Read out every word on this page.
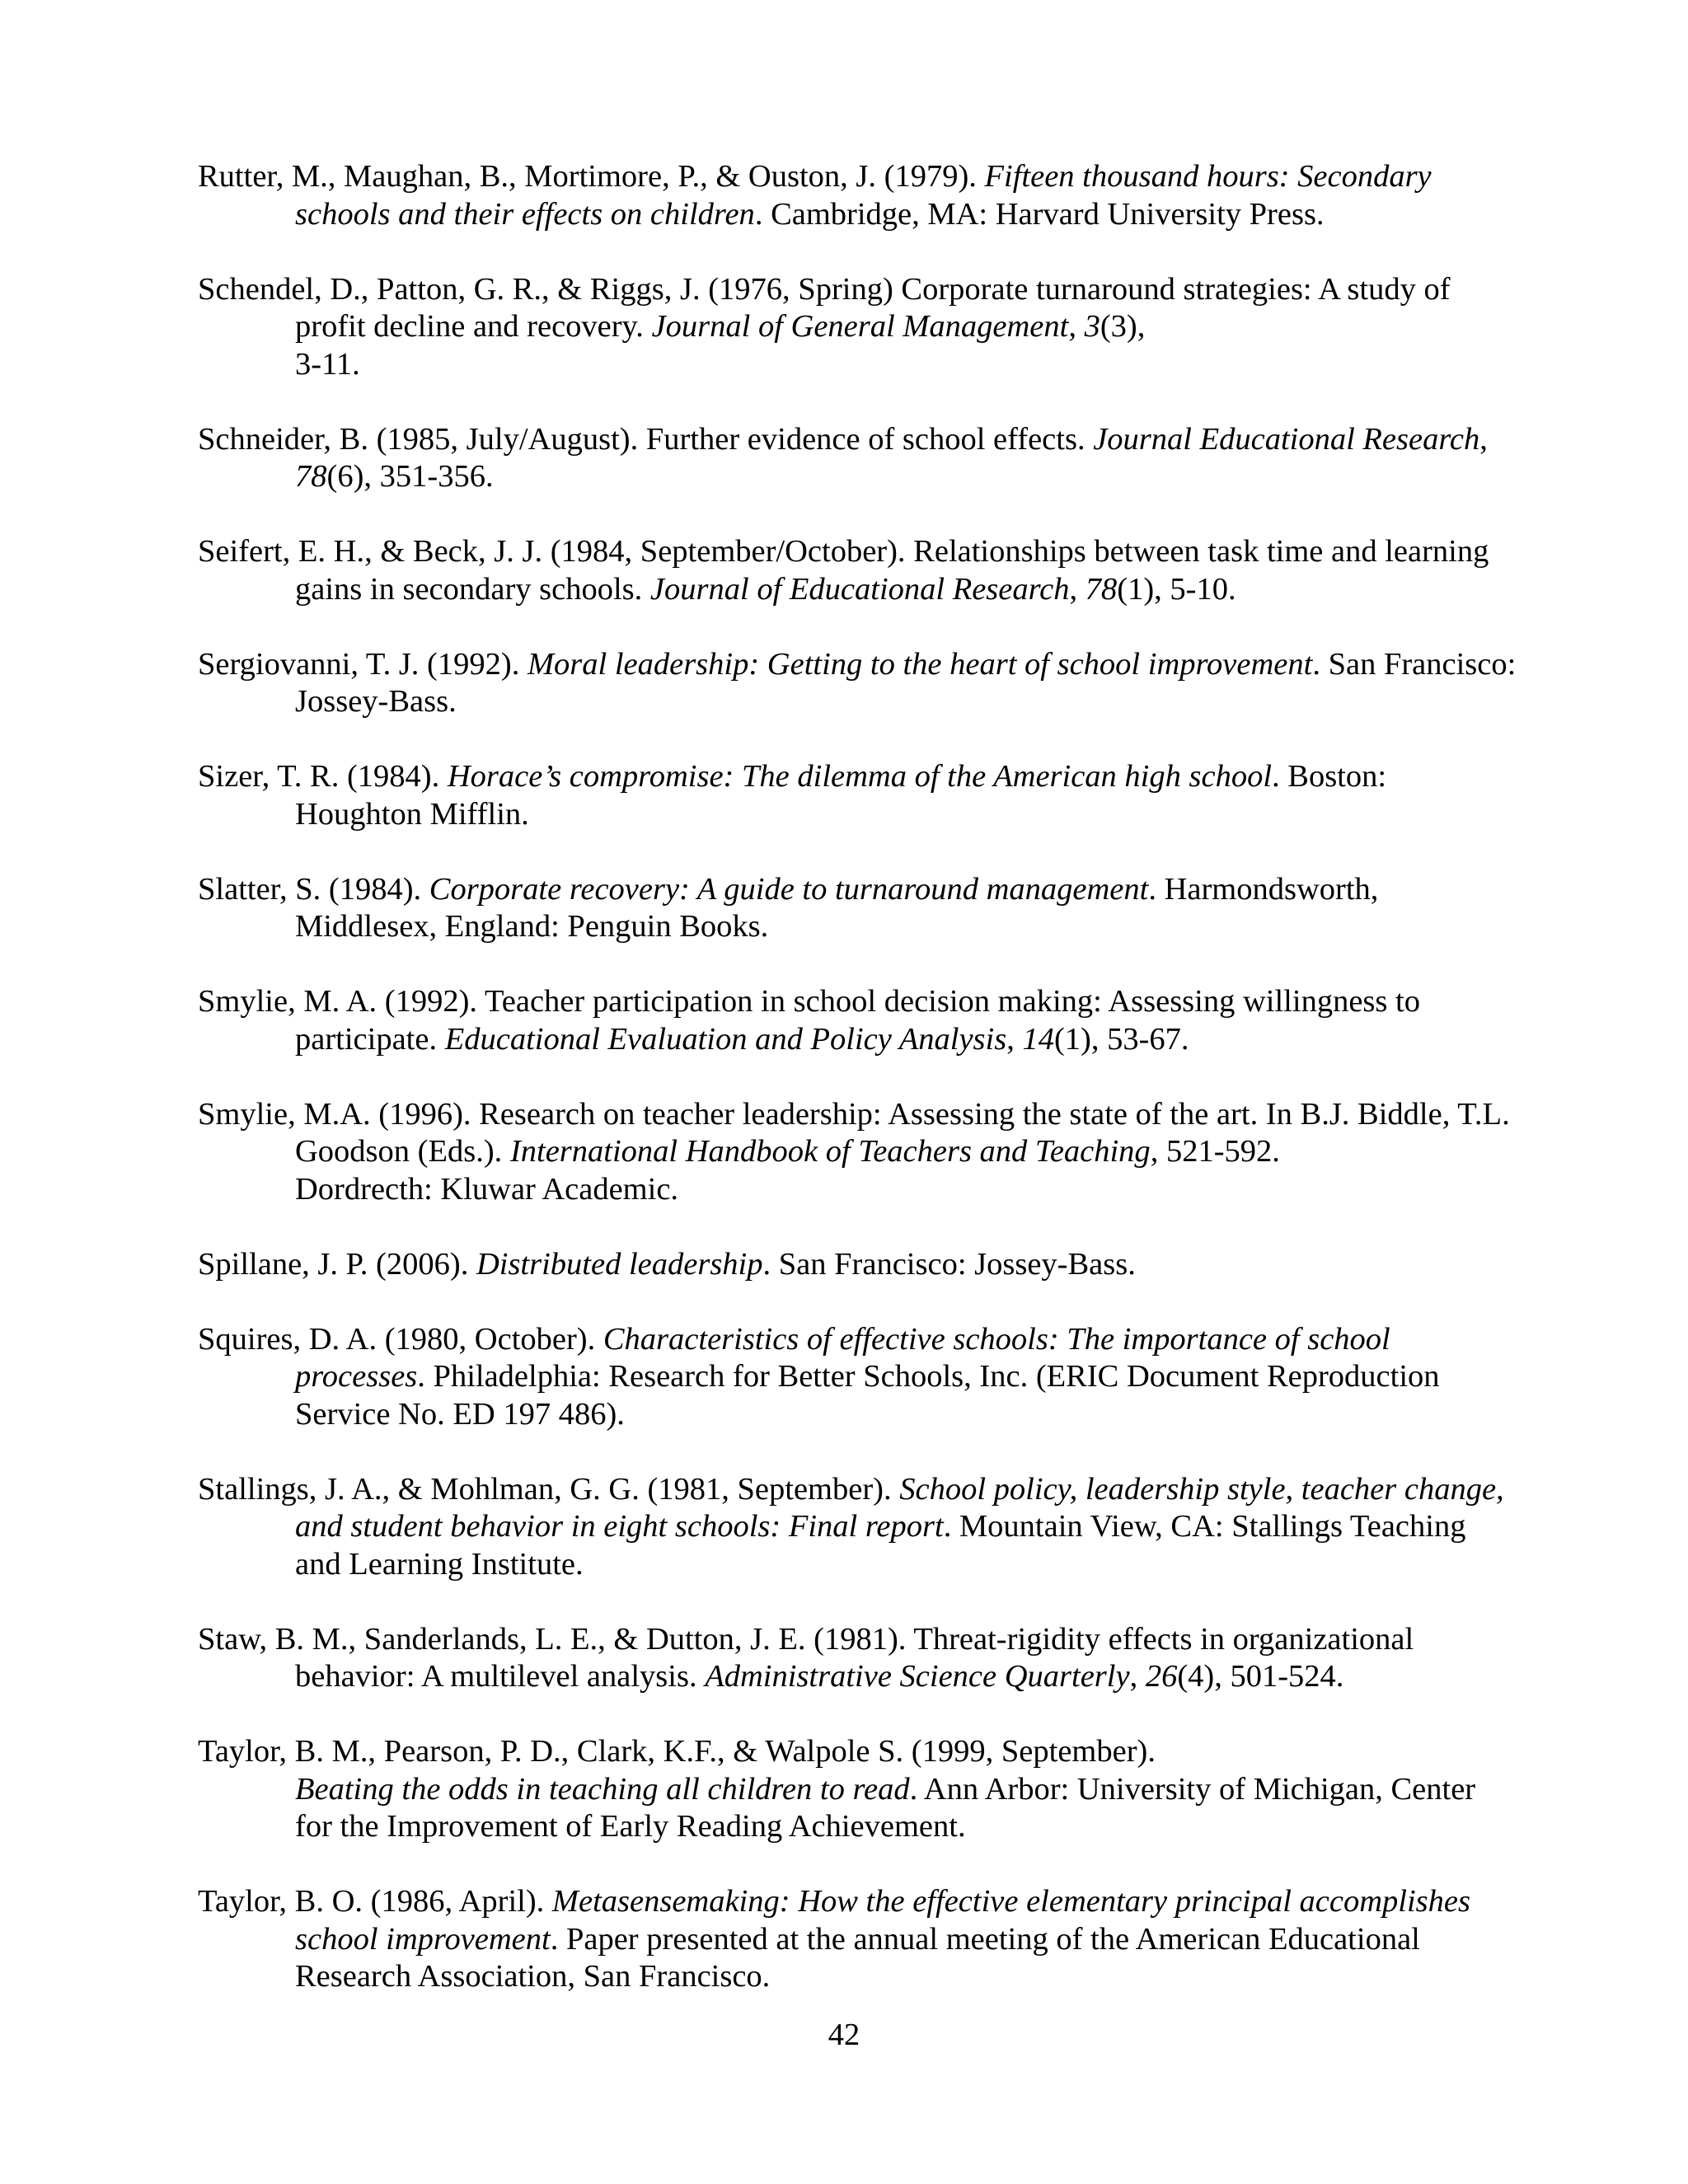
Rutter, M., Maughan, B., Mortimore, P., & Ouston, J. (1979). Fifteen thousand hours: Secondary schools and their effects on children. Cambridge, MA: Harvard University Press.

Schendel, D., Patton, G. R., & Riggs, J. (1976, Spring) Corporate turnaround strategies: A study of profit decline and recovery. Journal of General Management, 3(3),
3-11.

Schneider, B. (1985, July/August). Further evidence of school effects. Journal Educational Research, 78(6), 351-356.

Seifert, E. H., & Beck, J. J. (1984, September/October). Relationships between task time and learning gains in secondary schools. Journal of Educational Research, 78(1), 5-10.

Sergiovanni, T. J. (1992). Moral leadership: Getting to the heart of school improvement. San Francisco: Jossey-Bass.

Sizer, T. R. (1984). Horace’s compromise: The dilemma of the American high school. Boston: Houghton Mifflin.

Slatter, S. (1984). Corporate recovery: A guide to turnaround management. Harmondsworth, Middlesex, England: Penguin Books.

Smylie, M. A. (1992). Teacher participation in school decision making: Assessing willingness to participate. Educational Evaluation and Policy Analysis, 14(1), 53-67.

Smylie, M.A. (1996). Research on teacher leadership: Assessing the state of the art. In B.J. Biddle, T.L. Goodson (Eds.). International Handbook of Teachers and Teaching, 521-592.
Dordrecth: Kluwar Academic.

Spillane, J. P. (2006). Distributed leadership. San Francisco: Jossey-Bass.

Squires, D. A. (1980, October). Characteristics of effective schools: The importance of school processes. Philadelphia: Research for Better Schools, Inc. (ERIC Document Reproduction Service No. ED 197 486).

Stallings, J. A., & Mohlman, G. G. (1981, September). School policy, leadership style, teacher change, and student behavior in eight schools: Final report. Mountain View, CA: Stallings Teaching and Learning Institute.

Staw, B. M., Sanderlands, L. E., & Dutton, J. E. (1981). Threat-rigidity effects in organizational behavior: A multilevel analysis. Administrative Science Quarterly, 26(4), 501-524.

Taylor, B. M., Pearson, P. D., Clark, K.F., & Walpole S. (1999, September).
Beating the odds in teaching all children to read. Ann Arbor: University of Michigan, Center for the Improvement of Early Reading Achievement.

Taylor, B. O. (1986, April). Metasensemaking: How the effective elementary principal accomplishes school improvement. Paper presented at the annual meeting of the American Educational Research Association, San Francisco.

42
